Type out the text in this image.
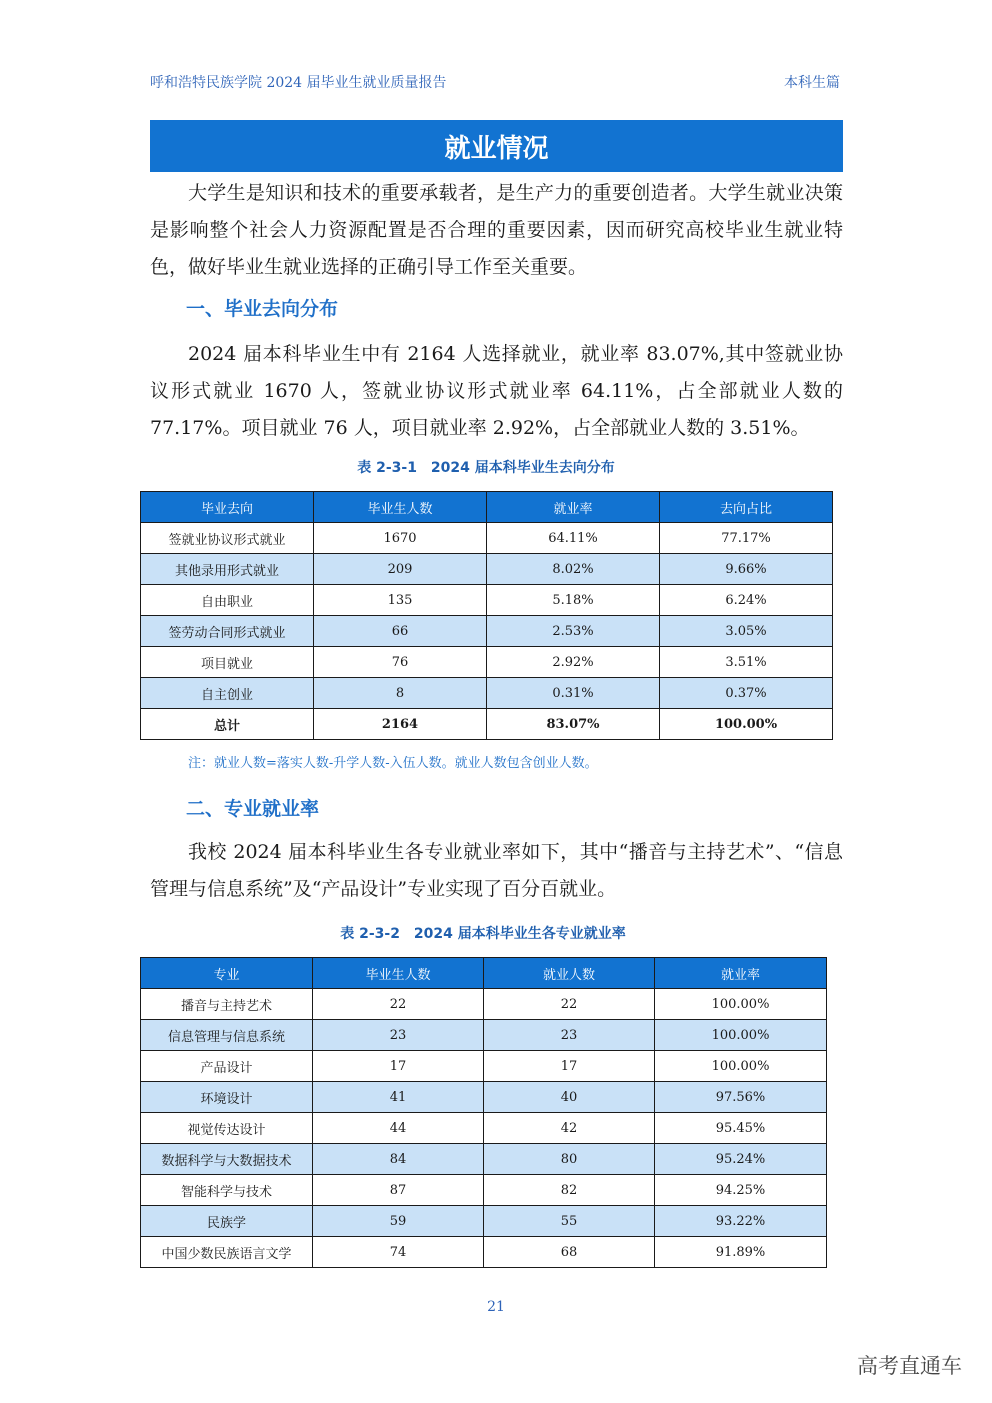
呼和浩特民族学院 2024 届毕业生就业质量报告	本科生篇
就业情况

大学生是知识和技术的重要承载者，是生产力的重要创造者。大学生就业决策是影响整个社会人力资源配置是否合理的重要因素，因而研究高校毕业生就业特色，做好毕业生就业选择的正确引导工作至关重要。

一、毕业去向分布

2024 届本科毕业生中有 2164 人选择就业，就业率 83.07%,其中签就业协议形式就业 1670 人，签就业协议形式就业率 64.11%，占全部就业人数的 77.17%。项目就业 76 人，项目就业率 2.92%，占全部就业人数的 3.51%。

表 2-3-1　2024 届本科毕业生去向分布
毕业去向	毕业生人数	就业率	去向占比
签就业协议形式就业	1670	64.11%	77.17%
其他录用形式就业	209	8.02%	9.66%
自由职业	135	5.18%	6.24%
签劳动合同形式就业	66	2.53%	3.05%
项目就业	76	2.92%	3.51%
自主创业	8	0.31%	0.37%
总计	2164	83.07%	100.00%
注：就业人数=落实人数-升学人数-入伍人数。就业人数包含创业人数。
二、专业就业率

我校 2024 届本科毕业生各专业就业率如下，其中“播音与主持艺术”、“信息管理与信息系统”及“产品设计”专业实现了百分百就业。

表 2-3-2　2024 届本科毕业生各专业就业率
专业	毕业生人数	就业人数	就业率
播音与主持艺术	22	22	100.00%
信息管理与信息系统	23	23	100.00%
产品设计	17	17	100.00%
环境设计	41	40	97.56%
视觉传达设计	44	42	95.45%
数据科学与大数据技术	84	80	95.24%
智能科学与技术	87	82	94.25%
民族学	59	55	93.22%
中国少数民族语言文学	74	68	91.89%
21
高考直通车
